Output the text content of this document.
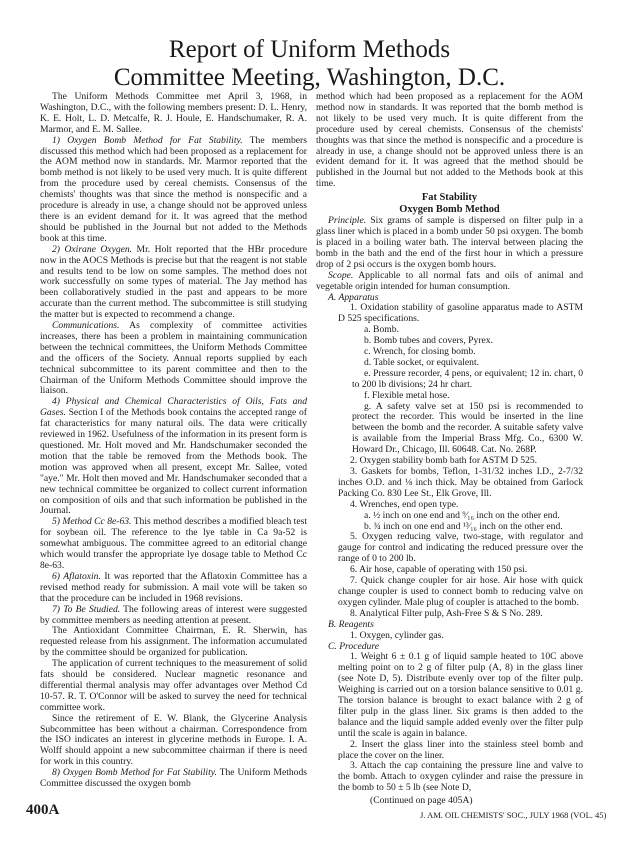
Report of Uniform Methods
Committee Meeting, Washington, D.C.

The Uniform Methods Committee met April 3, 1968, in Washington, D.C., with the following members present: D. L. Henry, K. E. Holt, L. D. Metcalfe, R. J. Houle, E. Handschumaker, R. A. Marmor, and E. M. Sallee.

1) Oxygen Bomb Method for Fat Stability. The members discussed this method which had been proposed as a replacement for the AOM method now in standards. Mr. Marmor reported that the bomb method is not likely to be used very much. It is quite different from the procedure used by cereal chemists. Consensus of the chemists' thoughts was that since the method is nonspecific and a procedure is already in use, a change should not be approved unless there is an evident demand for it. It was agreed that the method should be published in the Journal but not added to the Methods book at this time.

2) Oxirane Oxygen. Mr. Holt reported that the HBr procedure now in the AOCS Methods is precise but that the reagent is not stable and results tend to be low on some samples. The method does not work successfully on some types of material. The Jay method has been collaboratively studied in the past and appears to be more accurate than the current method. The subcommittee is still studying the matter but is expected to recommend a change.

Communications. As complexity of committee activities increases, there has been a problem in maintaining communication between the technical committees, the Uniform Methods Committee and the officers of the Society. Annual reports supplied by each technical subcommittee to its parent committee and then to the Chairman of the Uniform Methods Committee should improve the liaison.

4) Physical and Chemical Characteristics of Oils, Fats and Gases. Section I of the Methods book contains the accepted range of fat characteristics for many natural oils. The data were critically reviewed in 1962. Usefulness of the information in its present form is questioned. Mr. Holt moved and Mr. Handschumaker seconded the motion that the table be removed from the Methods book. The motion was approved when all present, except Mr. Sallee, voted "aye." Mr. Holt then moved and Mr. Handschumaker seconded that a new technical committee be organized to collect current information on composition of oils and that such information be published in the Journal.

5) Method Cc 8e-63. This method describes a modified bleach test for soybean oil. The reference to the lye table in Ca 9a-52 is somewhat ambiguous. The committee agreed to an editorial change which would transfer the appropriate lye dosage table to Method Cc 8e-63.

6) Aflatoxin. It was reported that the Aflatoxin Committee has a revised method ready for submission. A mail vote will be taken so that the procedure can be included in 1968 revisions.

7) To Be Studied. The following areas of interest were suggested by committee members as needing attention at present.

The Antioxidant Committee Chairman, E. R. Sherwin, has requested release from his assignment. The information accumulated by the committee should be organized for publication.

The application of current techniques to the measurement of solid fats should be considered. Nuclear magnetic resonance and differential thermal analysis may offer advantages over Method Cd 10-57. R. T. O'Connor will be asked to survey the need for technical committee work.

Since the retirement of E. W. Blank, the Glycerine Analysis Subcommittee has been without a chairman. Correspondence from the ISO indicates an interest in glycerine methods in Europe. I. A. Wolff should appoint a new subcommittee chairman if there is need for work in this country.

8) Oxygen Bomb Method for Fat Stability. The Uniform Methods Committee discussed the oxygen bomb

method which had been proposed as a replacement for the AOM method now in standards. It was reported that the bomb method is not likely to be used very much. It is quite different from the procedure used by cereal chemists. Consensus of the chemists' thoughts was that since the method is nonspecific and a procedure is already in use, a change should not be approved unless there is an evident demand for it. It was agreed that the method should be published in the Journal but not added to the Methods book at this time.

Fat Stability
Oxygen Bomb Method

Principle. Six grams of sample is dispersed on filter pulp in a glass liner which is placed in a bomb under 50 psi oxygen. The bomb is placed in a boiling water bath. The interval between placing the bomb in the bath and the end of the first hour in which a pressure drop of 2 psi occurs is the oxygen bomb hours.

Scope. Applicable to all normal fats and oils of animal and vegetable origin intended for human consumption.

A. Apparatus

1. Oxidation stability of gasoline apparatus made to ASTM D 525 specifications.

a. Bomb.

b. Bomb tubes and covers, Pyrex.

c. Wrench, for closing bomb.

d. Table socket, or equivalent.

e. Pressure recorder, 4 pens, or equivalent; 12 in. chart, 0 to 200 lb divisions; 24 hr chart.

f. Flexible metal hose.

g. A safety valve set at 150 psi is recommended to protect the recorder. This would be inserted in the line between the bomb and the recorder. A suitable safety valve is available from the Imperial Brass Mfg. Co., 6300 W. Howard Dr., Chicago, Ill. 60648. Cat. No. 268P.

2. Oxygen stability bomb bath for ASTM D 525.

3. Gaskets for bombs, Teflon, 1-31/32 inches I.D., 2-7/32 inches O.D. and ⅛ inch thick. May be obtained from Garlock Packing Co. 830 Lee St., Elk Grove, Ill.

4. Wrenches, end open type.

a. ½ inch on one end and ⁹⁄₁₆ inch on the other end.

b. ¾ inch on one end and ¹³⁄₁₆ inch on the other end.

5. Oxygen reducing valve, two-stage, with regulator and gauge for control and indicating the reduced pressure over the range of 0 to 200 lb.

6. Air hose, capable of operating with 150 psi.

7. Quick change coupler for air hose. Air hose with quick change coupler is used to connect bomb to reducing valve on oxygen cylinder. Male plug of coupler is attached to the bomb.

8. Analytical Filter pulp, Ash-Free S & S No. 289.

B. Reagents

1. Oxygen, cylinder gas.

C. Procedure

1. Weight 6 ± 0.1 g of liquid sample heated to 10C above melting point on to 2 g of filter pulp (A, 8) in the glass liner (see Note D, 5). Distribute evenly over top of the filter pulp. Weighing is carried out on a torsion balance sensitive to 0.01 g. The torsion balance is brought to exact balance with 2 g of filter pulp in the glass liner. Six grams is then added to the balance and the liquid sample added evenly over the filter pulp until the scale is again in balance.

2. Insert the glass liner into the stainless steel bomb and place the cover on the liner.

3. Attach the cap containing the pressure line and valve to the bomb. Attach to oxygen cylinder and raise the pressure in the bomb to 50 ± 5 lb (see Note D,

(Continued on page 405A)
400A	J. AM. OIL CHEMISTS' SOC., JULY 1968 (VOL. 45)
